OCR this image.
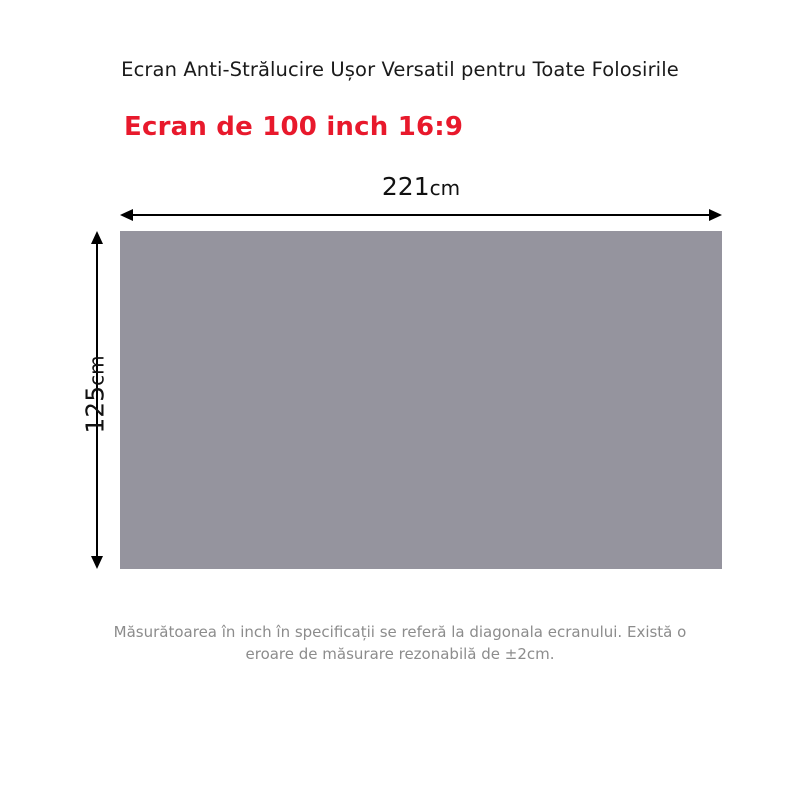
Ecran Anti-Strălucire Ușor Versatil pentru Toate Folosirile
Ecran de 100 inch 16:9
221cm
125cm
Măsurătoarea în inch în specificații se referă la diagonala ecranului. Există o eroare de măsurare rezonabilă de ±2cm.
